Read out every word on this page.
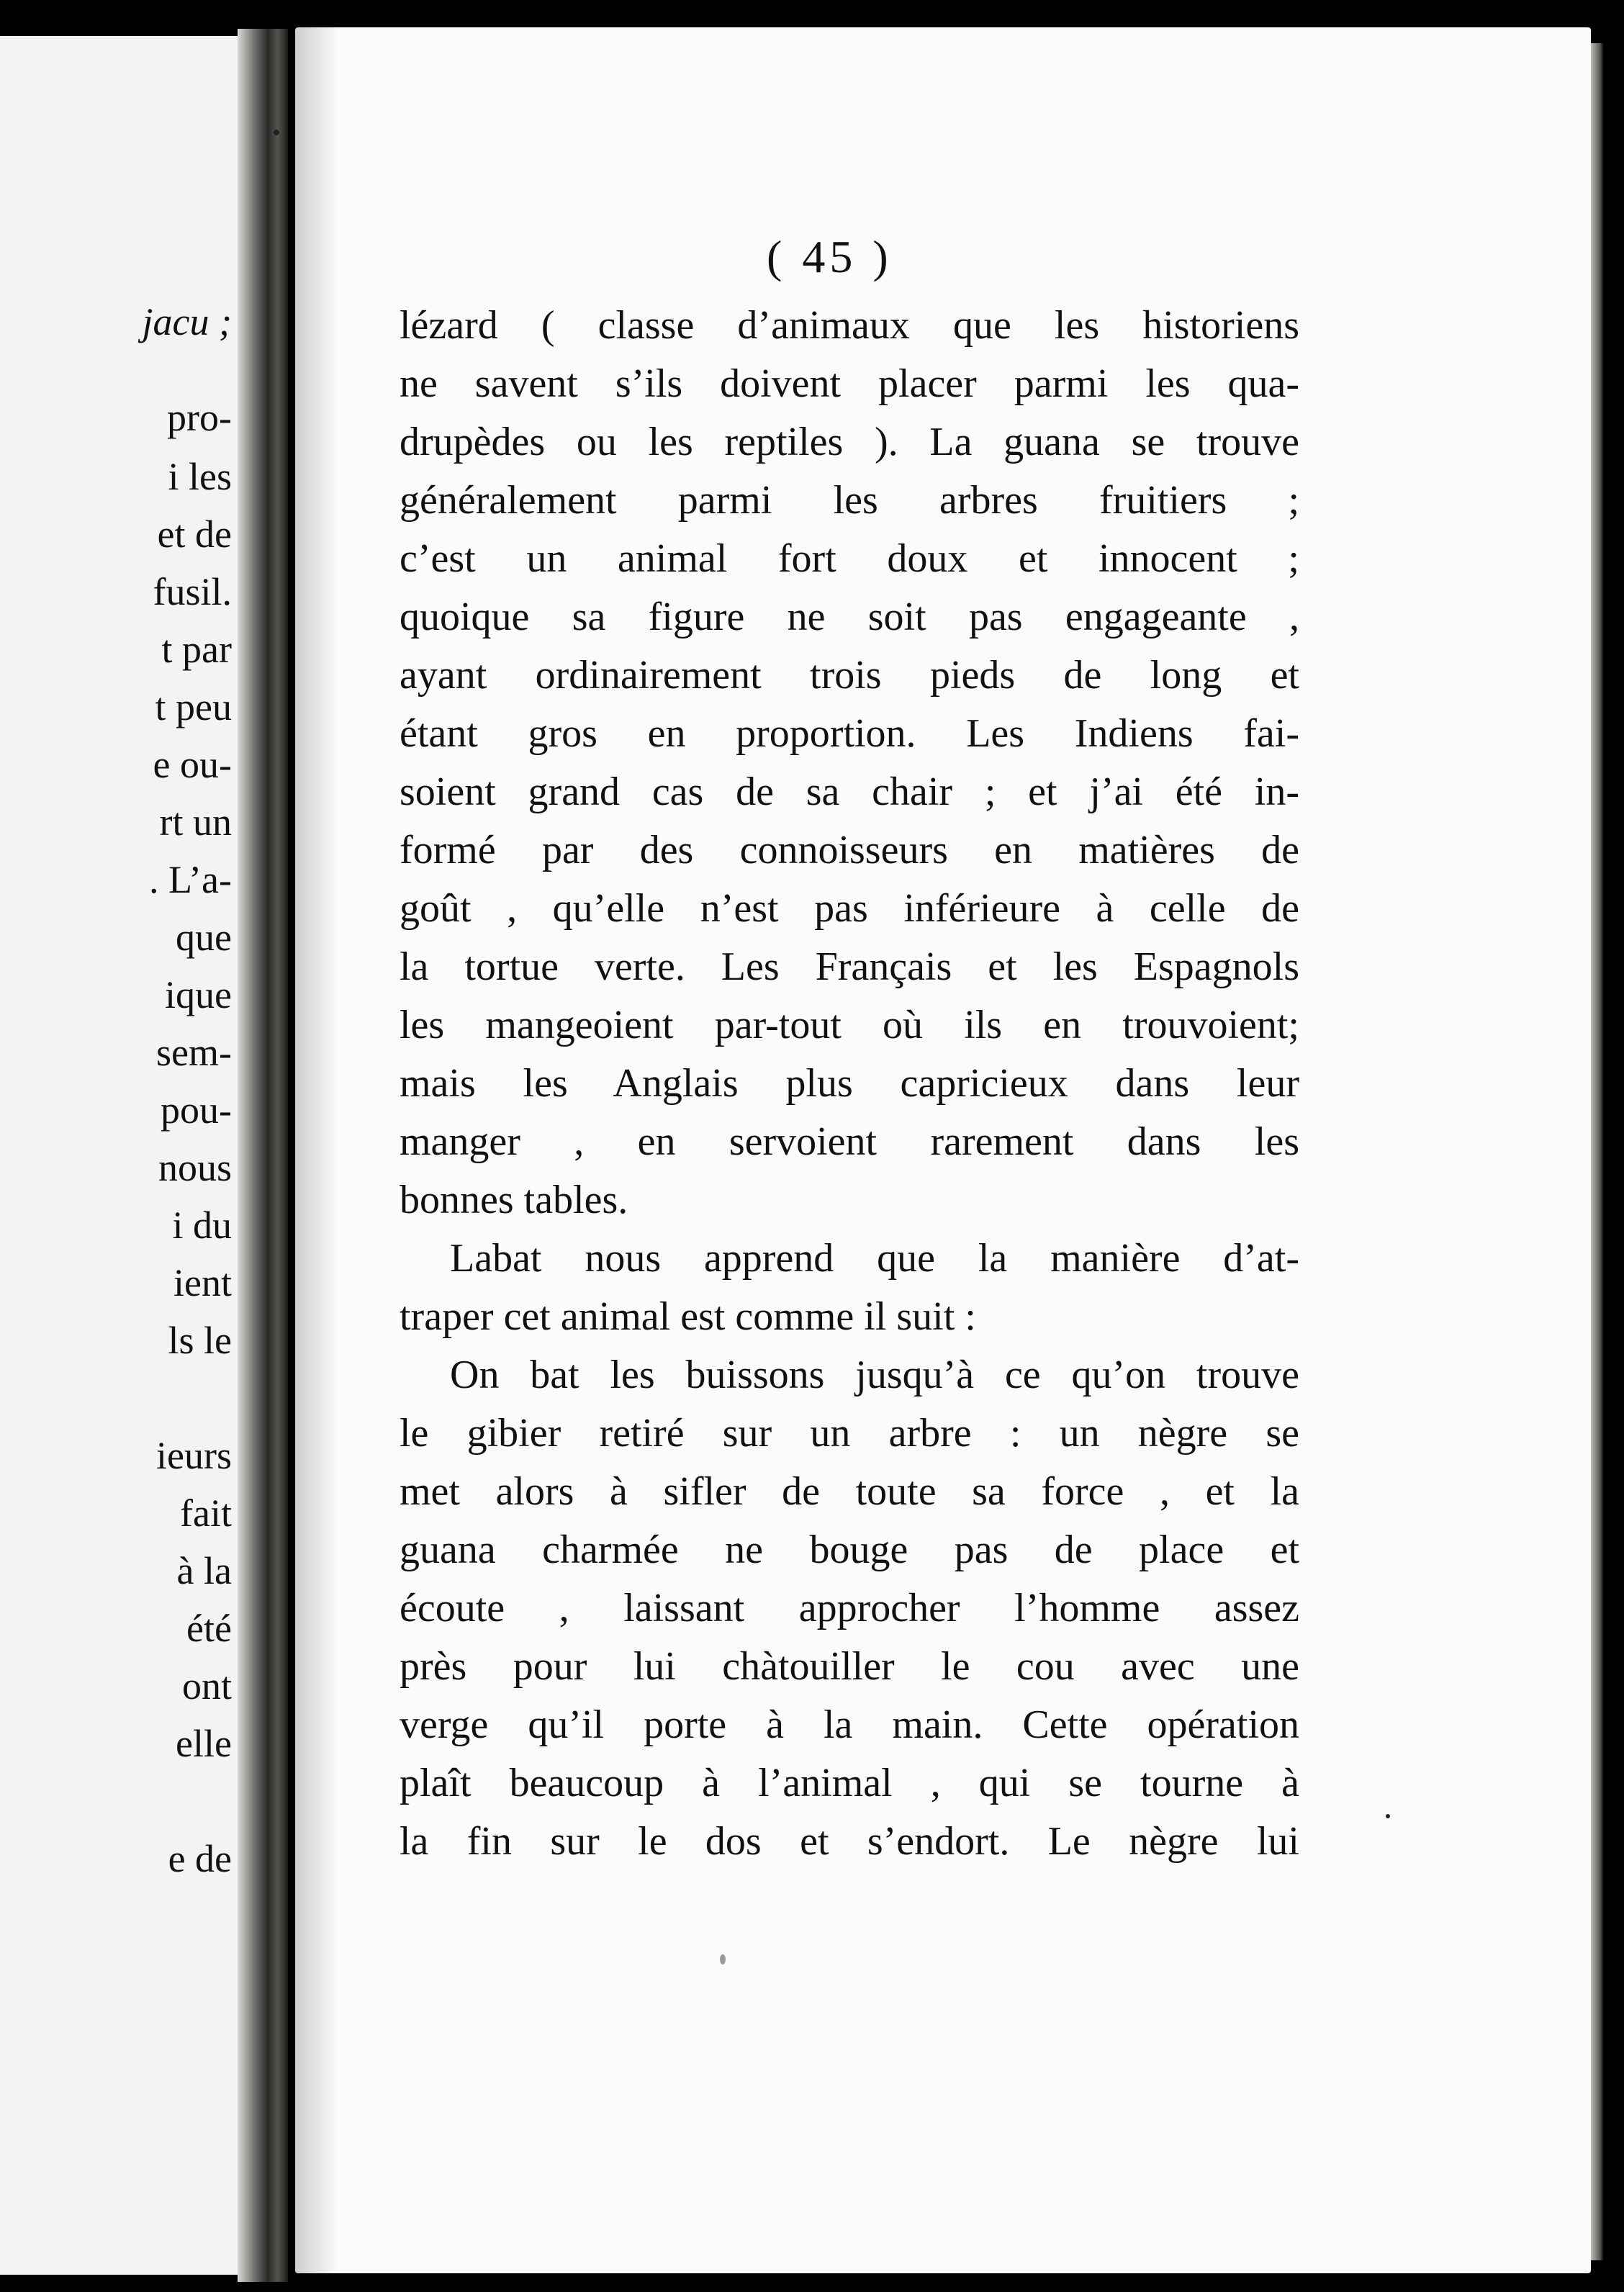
jacu ;
pro-
i les
et de
fusil.
t par
t peu
e ou-
rt un
. L’a-
que
ique
sem-
pou-
nous
i du
ient
ls le
ieurs
fait
à la
été
ont
elle
e de
( 45 )
lézard ( classe d’animaux que les historiens
ne savent s’ils doivent placer parmi les qua-
drupèdes ou les reptiles ). La guana se trouve
généralement parmi les arbres fruitiers ;
c’est un animal fort doux et innocent ;
quoique sa figure ne soit pas engageante ,
ayant ordinairement trois pieds de long et
étant gros en proportion. Les Indiens fai-
soient grand cas de sa chair ; et j’ai été in-
formé par des connoisseurs en matières de
goût , qu’elle n’est pas inférieure à celle de
la tortue verte. Les Français et les Espagnols
les mangeoient par-tout où ils en trouvoient;
mais les Anglais plus capricieux dans leur
manger , en servoient rarement dans les
bonnes tables.
Labat nous apprend que la manière d’at-
traper cet animal est comme il suit :
On bat les buissons jusqu’à ce qu’on trouve
le gibier retiré sur un arbre : un nègre se
met alors à sifler de toute sa force , et la
guana charmée ne bouge pas de place et
écoute , laissant approcher l’homme assez
près pour lui chàtouiller le cou avec une
verge qu’il porte à la main. Cette opération
plaît beaucoup à l’animal , qui se tourne à
la fin sur le dos et s’endort. Le nègre lui
